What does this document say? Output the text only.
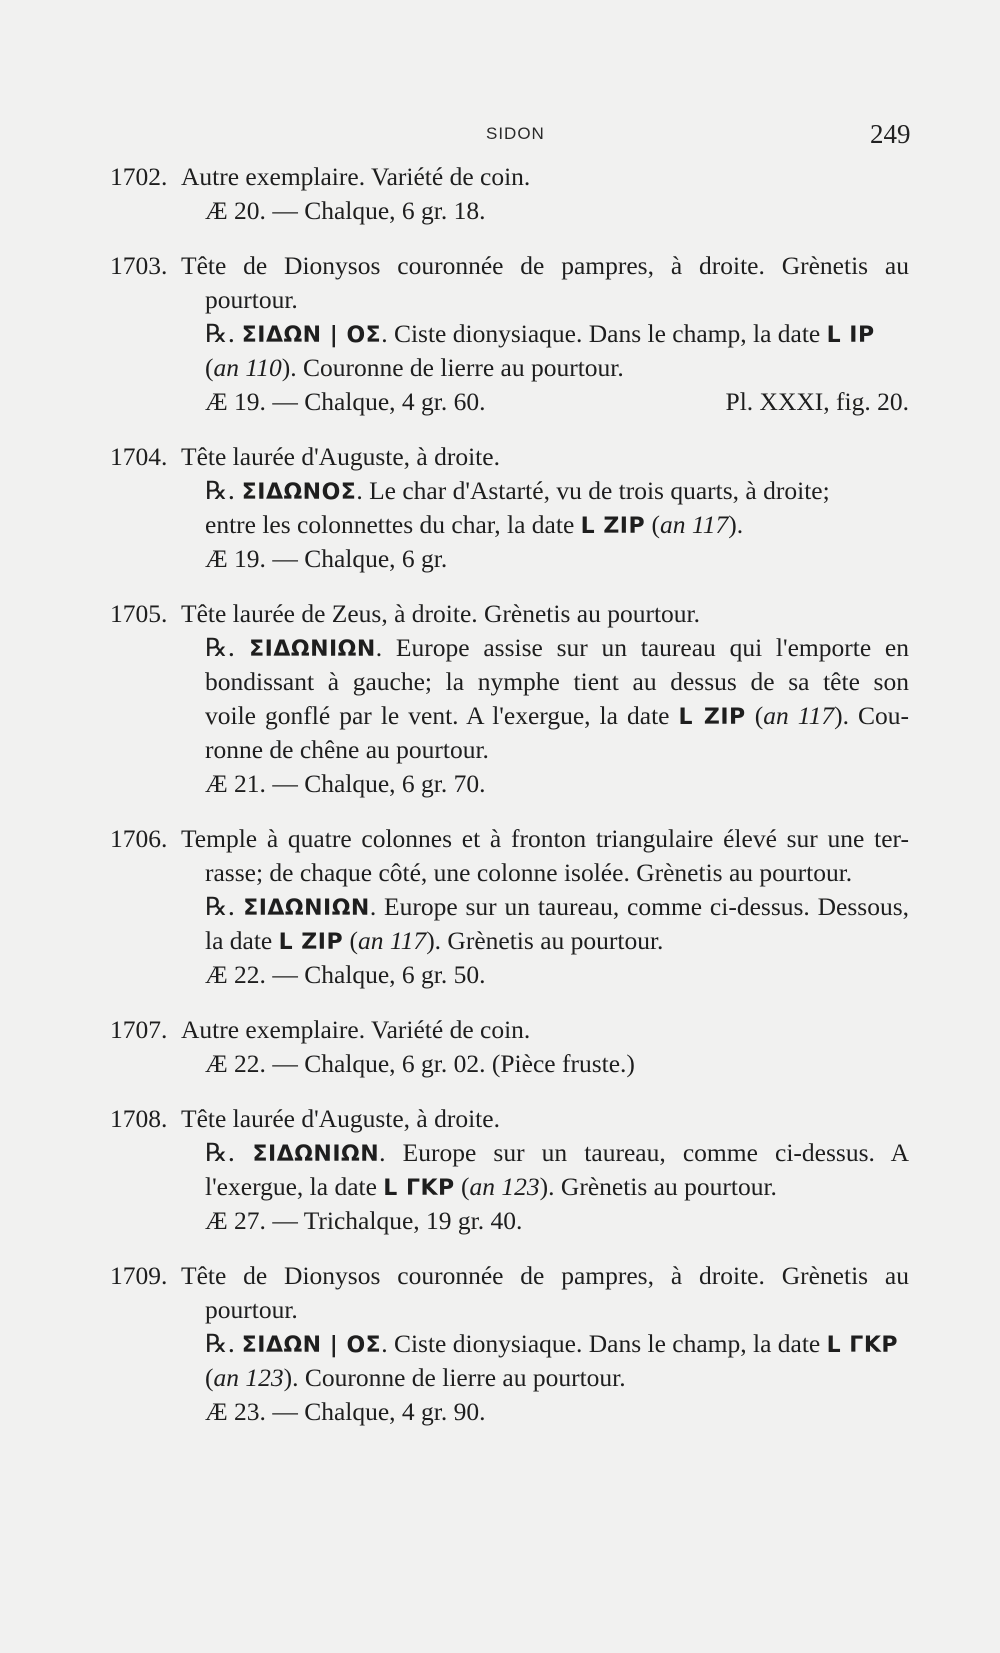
SIDON	249
1702. Autre exemplaire. Variété de coin.
Æ 20. — Chalque, 6 gr. 18.
1703. Tête de Dionysos couronnée de pampres, à droite. Grènetis au
pourtour.
℞. ΣΙΔΩΝ | ΟΣ. Ciste dionysiaque. Dans le champ, la date L ΙΡ
(an 110). Couronne de lierre au pourtour.
Æ 19. — Chalque, 4 gr. 60.	Pl. XXXI, fig. 20.
1704. Tête laurée d'Auguste, à droite.
℞. ΣΙΔΩΝΟΣ. Le char d'Astarté, vu de trois quarts, à droite;
entre les colonnettes du char, la date L ΖΙΡ (an 117).
Æ 19. — Chalque, 6 gr.
1705. Tête laurée de Zeus, à droite. Grènetis au pourtour.
℞. ΣΙΔΩΝΙΩΝ. Europe assise sur un taureau qui l'emporte en
bondissant à gauche; la nymphe tient au dessus de sa tête son
voile gonflé par le vent. A l'exergue, la date L ΖΙΡ (an 117). Cou-
ronne de chêne au pourtour.
Æ 21. — Chalque, 6 gr. 70.
1706. Temple à quatre colonnes et à fronton triangulaire élevé sur une ter-
rasse; de chaque côté, une colonne isolée. Grènetis au pourtour.
℞. ΣΙΔΩΝΙΩΝ. Europe sur un taureau, comme ci-dessus. Dessous,
la date L ΖΙΡ (an 117). Grènetis au pourtour.
Æ 22. — Chalque, 6 gr. 50.
1707. Autre exemplaire. Variété de coin.
Æ 22. — Chalque, 6 gr. 02. (Pièce fruste.)
1708. Tête laurée d'Auguste, à droite.
℞. ΣΙΔΩΝΙΩΝ. Europe sur un taureau, comme ci-dessus. A
l'exergue, la date L ΓΚΡ (an 123). Grènetis au pourtour.
Æ 27. — Trichalque, 19 gr. 40.
1709. Tête de Dionysos couronnée de pampres, à droite. Grènetis au
pourtour.
℞. ΣΙΔΩΝ | ΟΣ. Ciste dionysiaque. Dans le champ, la date L ΓΚΡ
(an 123). Couronne de lierre au pourtour.
Æ 23. — Chalque, 4 gr. 90.
